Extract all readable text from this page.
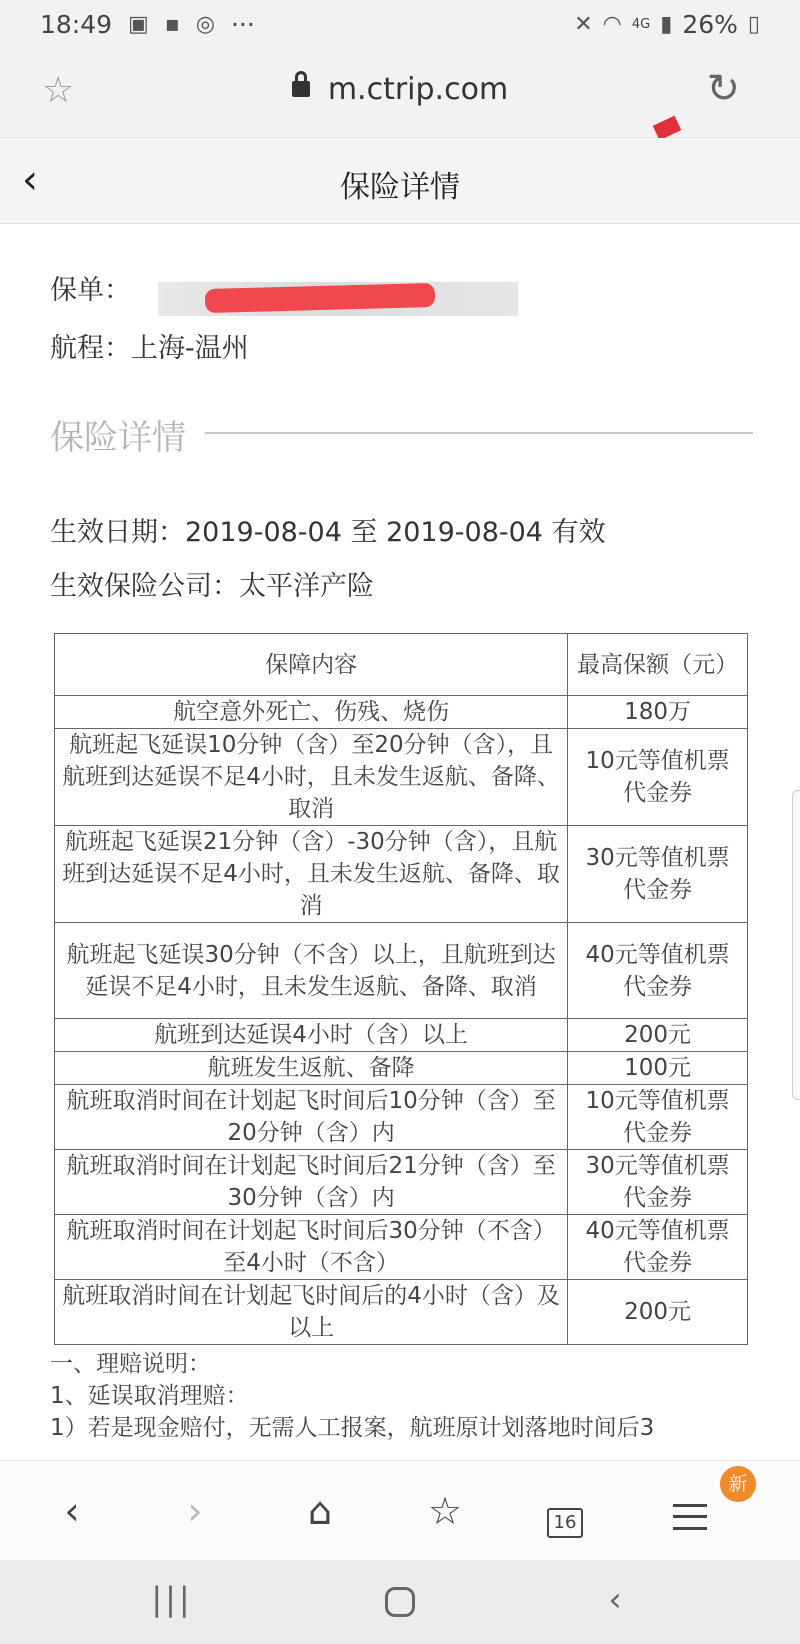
18:49 ▣ ▪ ◎ ···	✕ ◠ 4G ▮ 26% ▯
☆	m.ctrip.com	↻
‹	保险详情
保单：
航程：上海-温州
保险详情
生效日期：2019-08-04 至 2019-08-04 有效
生效保险公司：太平洋产险
保障内容	最高保额（元）
航空意外死亡、伤残、烧伤	180万
航班起飞延误10分钟（含）至20分钟（含），且航班到达延误不足4小时，且未发生返航、备降、取消	10元等值机票代金券
航班起飞延误21分钟（含）-30分钟（含），且航班到达延误不足4小时，且未发生返航、备降、取消	30元等值机票代金券
航班起飞延误30分钟（不含）以上，且航班到达延误不足4小时，且未发生返航、备降、取消	40元等值机票代金券
航班到达延误4小时（含）以上	200元
航班发生返航、备降	100元
航班取消时间在计划起飞时间后10分钟（含）至20分钟（含）内	10元等值机票代金券
航班取消时间在计划起飞时间后21分钟（含）至30分钟（含）内	30元等值机票代金券
航班取消时间在计划起飞时间后30分钟（不含）至4小时（不含）	40元等值机票代金券
航班取消时间在计划起飞时间后的4小时（含）及以上	200元
一、理赔说明：
1、延误取消理赔：
1）若是现金赔付，无需人工报案，航班原计划落地时间后3
‹	›	⌂	☆	16
新
|||	‹
